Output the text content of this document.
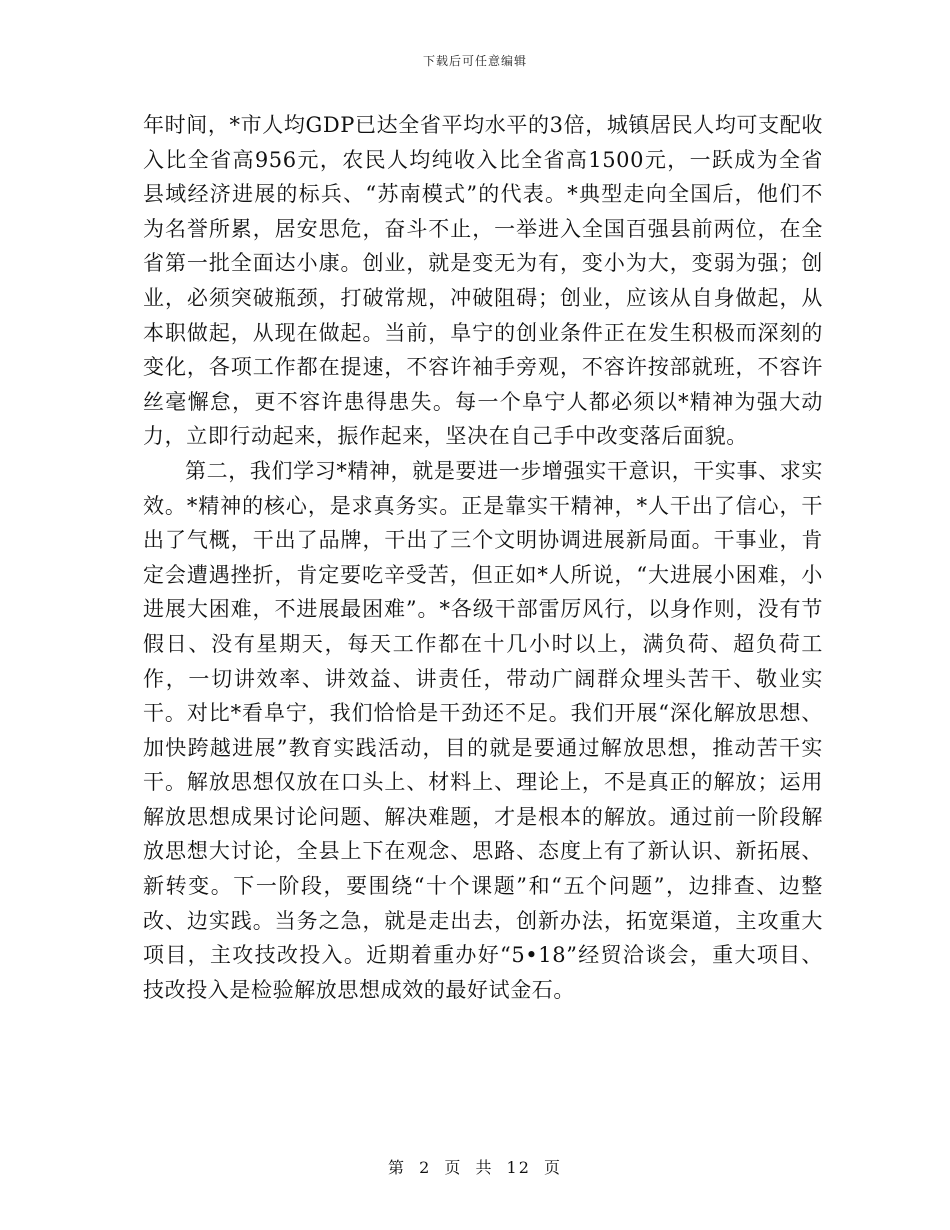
下载后可任意编辑

年时间，*市人均GDP已达全省平均水平的3倍，城镇居民人均可支配收入比全省高956元，农民人均纯收入比全省高1500元，一跃成为全省县域经济进展的标兵、“苏南模式”的代表。*典型走向全国后，他们不为名誉所累，居安思危，奋斗不止，一举进入全国百强县前两位，在全省第一批全面达小康。创业，就是变无为有，变小为大，变弱为强；创业，必须突破瓶颈，打破常规，冲破阻碍；创业，应该从自身做起，从本职做起，从现在做起。当前，阜宁的创业条件正在发生积极而深刻的变化，各项工作都在提速，不容许袖手旁观，不容许按部就班，不容许丝毫懈怠，更不容许患得患失。每一个阜宁人都必须以*精神为强大动力，立即行动起来，振作起来，坚决在自己手中改变落后面貌。

第二，我们学习*精神，就是要进一步增强实干意识，干实事、求实效。*精神的核心，是求真务实。正是靠实干精神，*人干出了信心，干出了气概，干出了品牌，干出了三个文明协调进展新局面。干事业，肯定会遭遇挫折，肯定要吃辛受苦，但正如*人所说，“大进展小困难，小进展大困难，不进展最困难”。*各级干部雷厉风行，以身作则，没有节假日、没有星期天，每天工作都在十几小时以上，满负荷、超负荷工作，一切讲效率、讲效益、讲责任，带动广阔群众埋头苦干、敬业实干。对比*看阜宁，我们恰恰是干劲还不足。我们开展“深化解放思想、加快跨越进展”教育实践活动，目的就是要通过解放思想，推动苦干实干。解放思想仅放在口头上、材料上、理论上，不是真正的解放；运用解放思想成果讨论问题、解决难题，才是根本的解放。通过前一阶段解放思想大讨论，全县上下在观念、思路、态度上有了新认识、新拓展、新转变。下一阶段，要围绕“十个课题”和“五个问题”，边排查、边整改、边实践。当务之急，就是走出去，创新办法，拓宽渠道，主攻重大项目，主攻技改投入。近期着重办好“5•18”经贸洽谈会，重大项目、技改投入是检验解放思想成效的最好试金石。

第 2 页 共 12 页
